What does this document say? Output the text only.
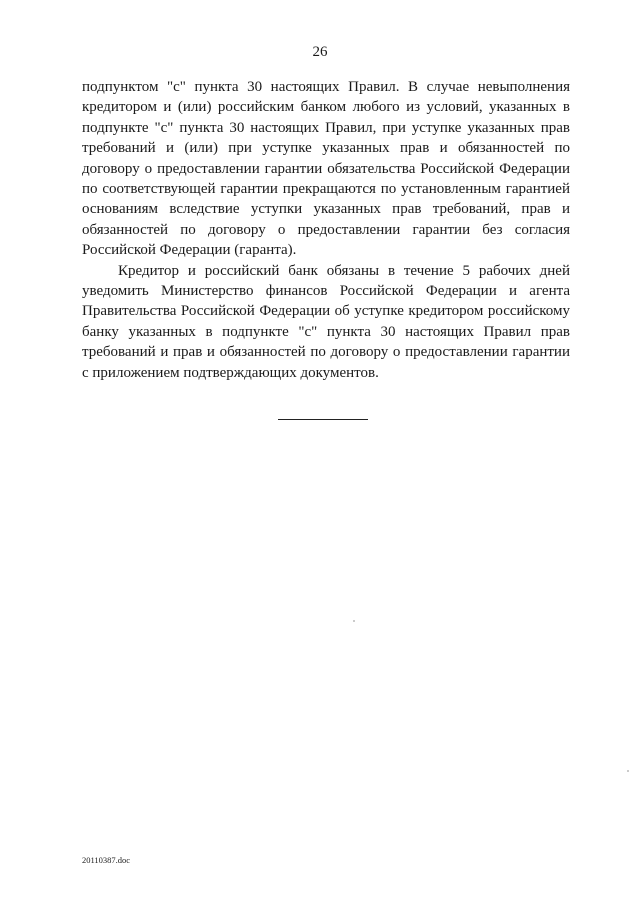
26

подпунктом "с" пункта 30 настоящих Правил. В случае невыполнения кредитором и (или) российским банком любого из условий, указанных в подпункте "с" пункта 30 настоящих Правил, при уступке указанных прав требований и (или) при уступке указанных прав и обязанностей по договору о предоставлении гарантии обязательства Российской Федерации по соответствующей гарантии прекращаются по установленным гарантией основаниям вследствие уступки указанных прав требований, прав и обязанностей по договору о предоставлении гарантии без согласия Российской Федерации (гаранта).

Кредитор и российский банк обязаны в течение 5 рабочих дней уведомить Министерство финансов Российской Федерации и агента Правительства Российской Федерации об уступке кредитором российскому банку указанных в подпункте "с" пункта 30 настоящих Правил прав требований и прав и обязанностей по договору о предоставлении гарантии с приложением подтверждающих документов.

20110387.doc
